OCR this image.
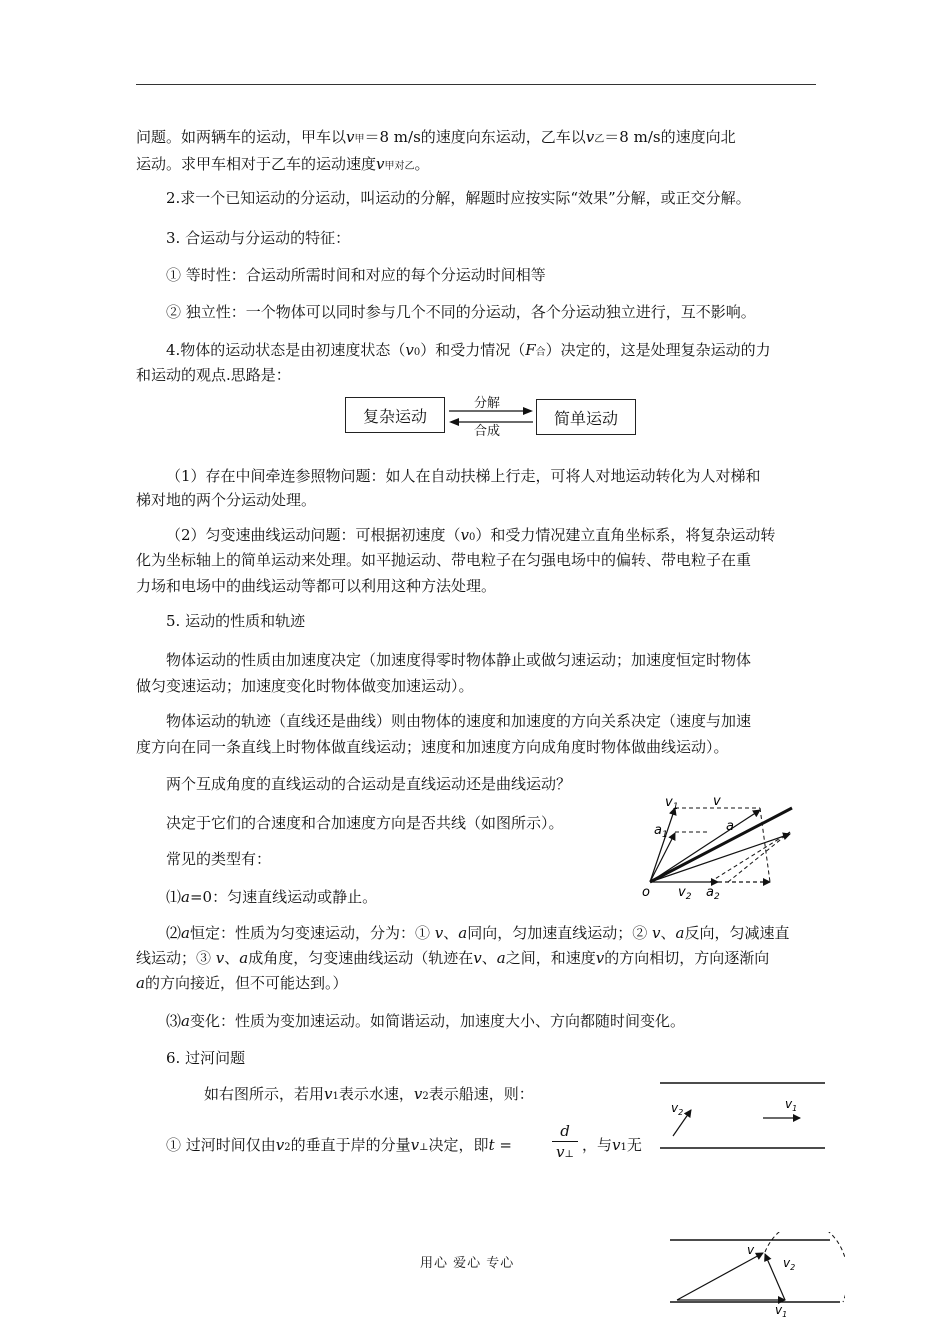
问题。如两辆车的运动，甲车以v甲＝8 m/s的速度向东运动，乙车以v乙＝8 m/s的速度向北
运动。求甲车相对于乙车的运动速度v甲对乙。
2.求一个已知运动的分运动，叫运动的分解，解题时应按实际“效果”分解，或正交分解。
3. 合运动与分运动的特征：
① 等时性：合运动所需时间和对应的每个分运动时间相等
② 独立性：一个物体可以同时参与几个不同的分运动，各个分运动独立进行，互不影响。
4.物体的运动状态是由初速度状态（v0）和受力情况（F合）决定的，这是处理复杂运动的力
和运动的观点.思路是：
复杂运动	简单运动
分解
合成
（1）存在中间牵连参照物问题：如人在自动扶梯上行走，可将人对地运动转化为人对梯和
梯对地的两个分运动处理。
（2）匀变速曲线运动问题：可根据初速度（v0）和受力情况建立直角坐标系，将复杂运动转
化为坐标轴上的简单运动来处理。如平抛运动、带电粒子在匀强电场中的偏转、带电粒子在重
力场和电场中的曲线运动等都可以利用这种方法处理。
5. 运动的性质和轨迹
物体运动的性质由加速度决定（加速度得零时物体静止或做匀速运动；加速度恒定时物体
做匀变速运动；加速度变化时物体做变加速运动）。
物体运动的轨迹（直线还是曲线）则由物体的速度和加速度的方向关系决定（速度与加速
度方向在同一条直线上时物体做直线运动；速度和加速度方向成角度时物体做曲线运动）。
两个互成角度的直线运动的合运动是直线运动还是曲线运动？
决定于它们的合速度和合加速度方向是否共线（如图所示）。
常见的类型有：
⑴a=0：匀速直线运动或静止。
⑵a恒定：性质为匀变速运动，分为：① v、a同向，匀加速直线运动；② v、a反向，匀减速直
线运动；③ v、a成角度，匀变速曲线运动（轨迹在v、a之间，和速度v的方向相切，方向逐渐向
a的方向接近，但不可能达到。）
⑶a变化：性质为变加速运动。如简谐运动，加速度大小、方向都随时间变化。
6. 过河问题
如右图所示，若用v1表示水速，v2表示船速，则：
① 过河时间仅由v2的垂直于岸的分量v⊥决定，即t =
d
v⊥
，与v1无
$v_1$	v
$a_1$
a
o $v_2$ $a_2$
$v_2$
$v_1$
v
$v_2$
$v_1$
用心 爱心 专心
